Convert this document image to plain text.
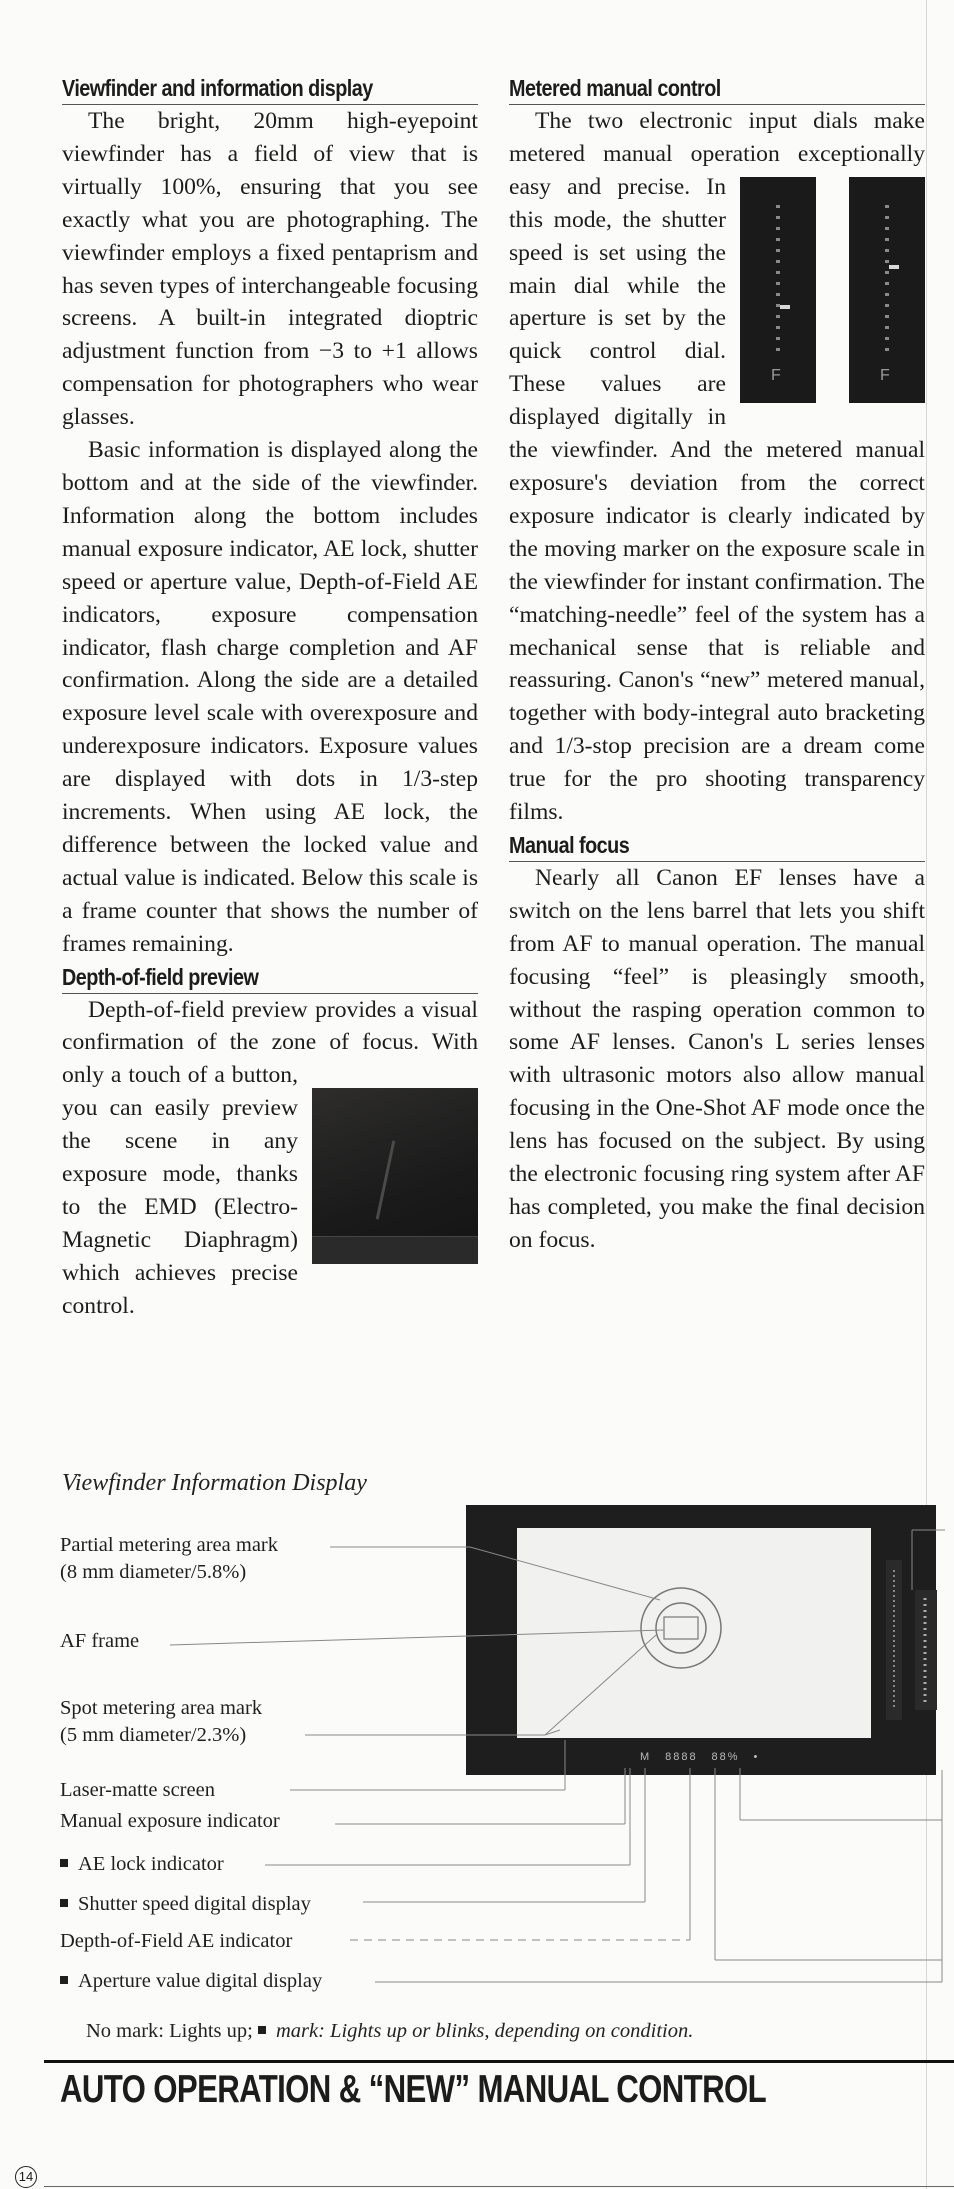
Viewfinder and information display

The bright, 20mm high-eyepoint viewfinder has a field of view that is virtually 100%, ensuring that you see exactly what you are photographing. The viewfinder employs a fixed pentaprism and has seven types of interchangeable focusing screens. A built-in integrated dioptric adjustment function from −3 to +1 allows compensation for photographers who wear glasses.

Basic information is displayed along the bottom and at the side of the viewfinder. Information along the bottom includes manual exposure indicator, AE lock, shutter speed or aperture value, Depth-of-Field AE indicators, exposure compensation indicator, flash charge completion and AF confirmation. Along the side are a detailed exposure level scale with overexposure and underexposure indicators. Exposure values are displayed with dots in 1/3-step increments. When using AE lock, the difference between the locked value and actual value is indicated. Below this scale is a frame counter that shows the number of frames remaining.

Depth-of-field preview

Depth-of-field preview provides a visual confirmation of the zone of focus. With only a touch of a button, you can easily preview the scene in any exposure mode, thanks to the EMD (Electro-Magnetic Diaphragm) which achieves precise control.

Metered manual control
F	F

The two electronic input dials make metered manual operation exceptionally easy and precise. In this mode, the shutter speed is set using the main dial while the aperture is set by the quick control dial. These values are displayed digitally in the viewfinder. And the metered manual exposure's deviation from the correct exposure indicator is clearly indicated by the moving marker on the exposure scale in the viewfinder for instant confirmation. The “matching-needle” feel of the system has a mechanical sense that is reliable and reassuring. Canon's “new” metered manual, together with body-integral auto bracketing and 1/3-stop precision are a dream come true for the pro shooting transparency films.

Manual focus

Nearly all Canon EF lenses have a switch on the lens barrel that lets you shift from AF to manual operation. The manual focusing “feel” is pleasingly smooth, without the rasping operation common to some AF lenses. Canon's L series lenses with ultrasonic motors also allow manual focusing in the One-Shot AF mode once the lens has focused on the subject. By using the electronic focusing ring system after AF has completed, you make the final decision on focus.

Viewfinder Information Display
M   8888   88%   •
Partial metering area mark
(8 mm diameter/5.8%)
AF frame
Spot metering area mark
(5 mm diameter/2.3%)
Laser-matte screen
Manual exposure indicator
AE lock indicator
Shutter speed digital display
Depth-of-Field AE indicator
Aperture value digital display
No mark: Lights up; mark: Lights up or blinks, depending on condition.
AUTO OPERATION & “NEW” MANUAL CONTROL
14
